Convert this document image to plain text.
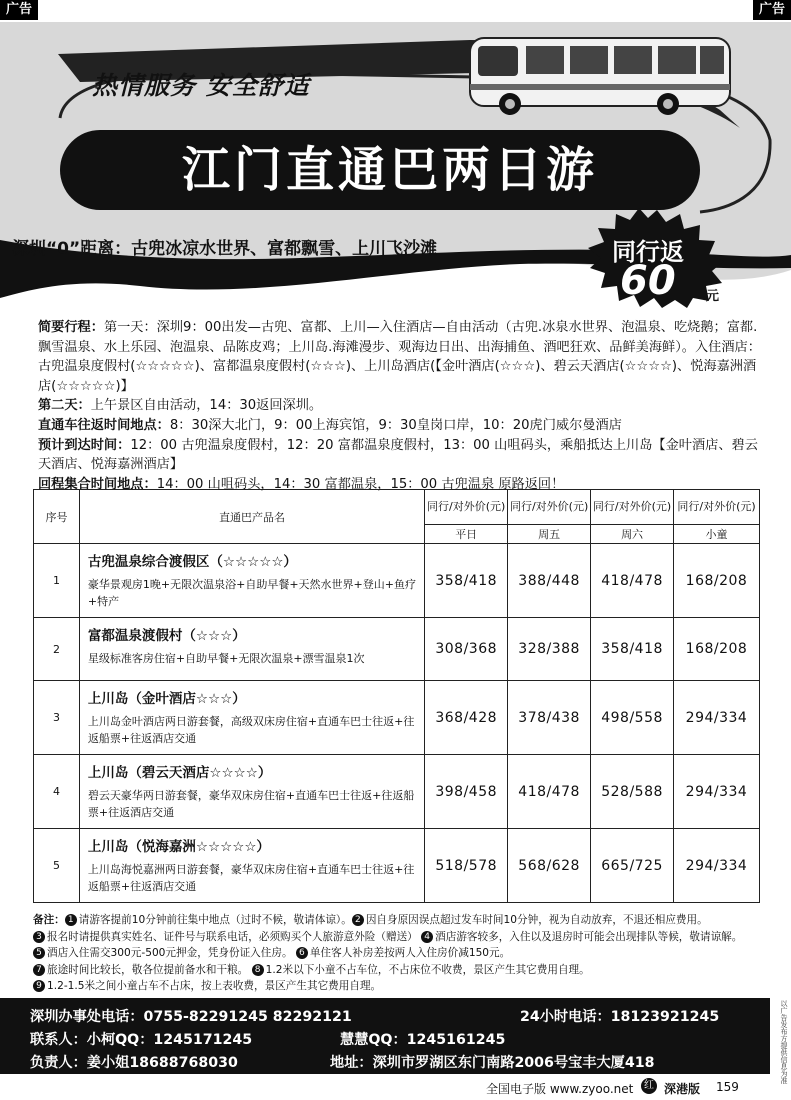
广告	广告
热情服务 安全舒适
江门直通巴两日游
深圳“0”距离：古兜冰凉水世界、富都飘雪、上川飞沙滩	同行返
60 元

简要行程：第一天：深圳9：00出发—古兜、富都、上川—入住酒店—自由活动（古兜.冰泉水世界、泡温泉、吃烧鹅；富都.飘雪温泉、水上乐园、泡温泉、品陈皮鸡；上川岛.海滩漫步、观海边日出、出海捕鱼、酒吧狂欢、品鲜美海鲜）。入住酒店：古兜温泉度假村(☆☆☆☆☆)、富都温泉度假村(☆☆☆)、上川岛酒店(【金叶酒店(☆☆☆)、碧云天酒店(☆☆☆☆)、悦海嘉洲酒店(☆☆☆☆☆)】

第二天：上午景区自由活动，14：30返回深圳。

直通车往返时间地点：8：30深大北门，9：00上海宾馆，9：30皇岗口岸，10：20虎门威尔曼酒店

预计到达时间：12：00 古兜温泉度假村，12：20 富都温泉度假村，13：00 山咀码头，乘船抵达上川岛【金叶酒店、碧云天酒店、悦海嘉洲酒店】

回程集合时间地点：14：00 山咀码头，14：30 富都温泉，15：00 古兜温泉 原路返回！

序号	直通巴产品名	同行/对外价(元)	同行/对外价(元)	同行/对外价(元)	同行/对外价(元)
		平日	周五	周六	小童
1	古兜温泉综合渡假区（☆☆☆☆☆）
豪华景观房1晚+无限次温泉浴+自助早餐+天然水世界+登山+鱼疗+特产	358/418	388/448	418/478	168/208
2	富都温泉渡假村（☆☆☆）
星级标准客房住宿+自助早餐+无限次温泉+漂雪温泉1次	308/368	328/388	358/418	168/208
3	上川岛（金叶酒店☆☆☆）
上川岛金叶酒店两日游套餐，高级双床房住宿+直通车巴士往返+往返船票+往返酒店交通	368/428	378/438	498/558	294/334
4	上川岛（碧云天酒店☆☆☆☆）
碧云天豪华两日游套餐，豪华双床房住宿+直通车巴士往返+往返船票+往返酒店交通	398/458	418/478	528/588	294/334
5	上川岛（悦海嘉洲☆☆☆☆☆）
上川岛海悦嘉洲两日游套餐，豪华双床房住宿+直通车巴士往返+往返船票+往返酒店交通	518/578	568/628	665/725	294/334
备注： 1 请游客提前10分钟前往集中地点（过时不候，敬请体谅）。 2 因自身原因误点超过发车时间10分钟，视为自动放弃，不退还相应费用。
3 报名时请提供真实姓名、证件号与联系电话，必须购买个人旅游意外险（赠送） 4 酒店游客较多，入住以及退房时可能会出现排队等候，敬请谅解。
5 酒店入住需交300元-500元押金，凭身份证入住房。 6 单住客人补房差按两人入住房价减150元。
7 旅途时间比较长，敬各位提前备水和干粮。 8 1.2米以下小童不占车位，不占床位不收费，景区产生其它费用自理。
9 1.2-1.5米之间小童占车不占床，按上表收费，景区产生其它费用自理。
深圳办事处电话：0755-82291245 82292121	24小时电话：18123921245
联系人：小柯QQ：1245171245	慧慧QQ：1245161245
负责人：姜小姐18688768030	地址：深圳市罗湖区东门南路2006号宝丰大厦418	以广告发布方提供信息为准
全国电子版 www.zyoo.net	红 深港版 159
